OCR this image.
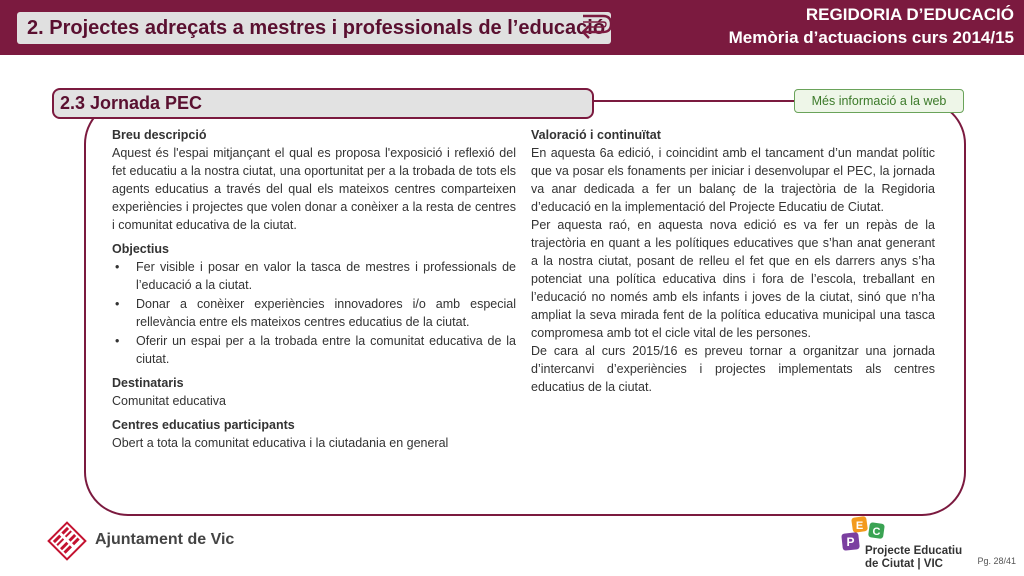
2. Projectes adreçats a mestres i professionals de l’educació

REGIDORIA D’EDUCACIÓ

Memòria d’actuacions curs 2014/15

2.3 Jornada PEC	Més informació a la web
Breu descripció

Aquest és l'espai mitjançant el qual es proposa l'exposició i reflexió del fet educatiu a la nostra ciutat, una oportunitat per a la trobada de tots els agents educatius a través del qual els mateixos centres comparteixen experiències i projectes que volen donar a conèixer a la resta de centres i comunitat educativa de la ciutat.

Objectius
• Fer visible i posar en valor la tasca de mestres i professionals de l’educació a la ciutat.
• Donar a conèixer experiències innovadores i/o amb especial rellevància entre els mateixos centres educatius de la ciutat.
• Oferir un espai per a la trobada entre la comunitat educativa de la ciutat.
Destinataris

Comunitat educativa

Centres educatius participants

Obert a tota la comunitat educativa i la ciutadania en general

Valoració i continuïtat

En aquesta 6a edició, i coincidint amb el tancament d’un mandat polític que va posar els fonaments per iniciar i desenvolupar el PEC, la jornada va anar dedicada a fer un balanç de la trajectòria de la Regidoria d’educació en la implementació del Projecte Educatiu de Ciutat.

Per aquesta raó, en aquesta nova edició es va fer un repàs de la trajectòria en quant a les polítiques educatives que s’han anat generant a la nostra ciutat, posant de relleu el fet que en els darrers anys s’ha potenciat una política educativa dins i fora de l’escola, treballant en l’educació no només amb els infants i joves de la ciutat, sinó que n’ha ampliat la seva mirada fent de la política educativa municipal una tasca compromesa amb tot el cicle vital de les persones.

De cara al curs 2015/16 es preveu tornar a organitzar una jornada d’intercanvi d’experiències i projectes implementats als centres educatius de la ciutat.

Ajuntament de Vic

E C
P

Projecte Educatiu

de Ciutat | VIC	Pg. 28/41
